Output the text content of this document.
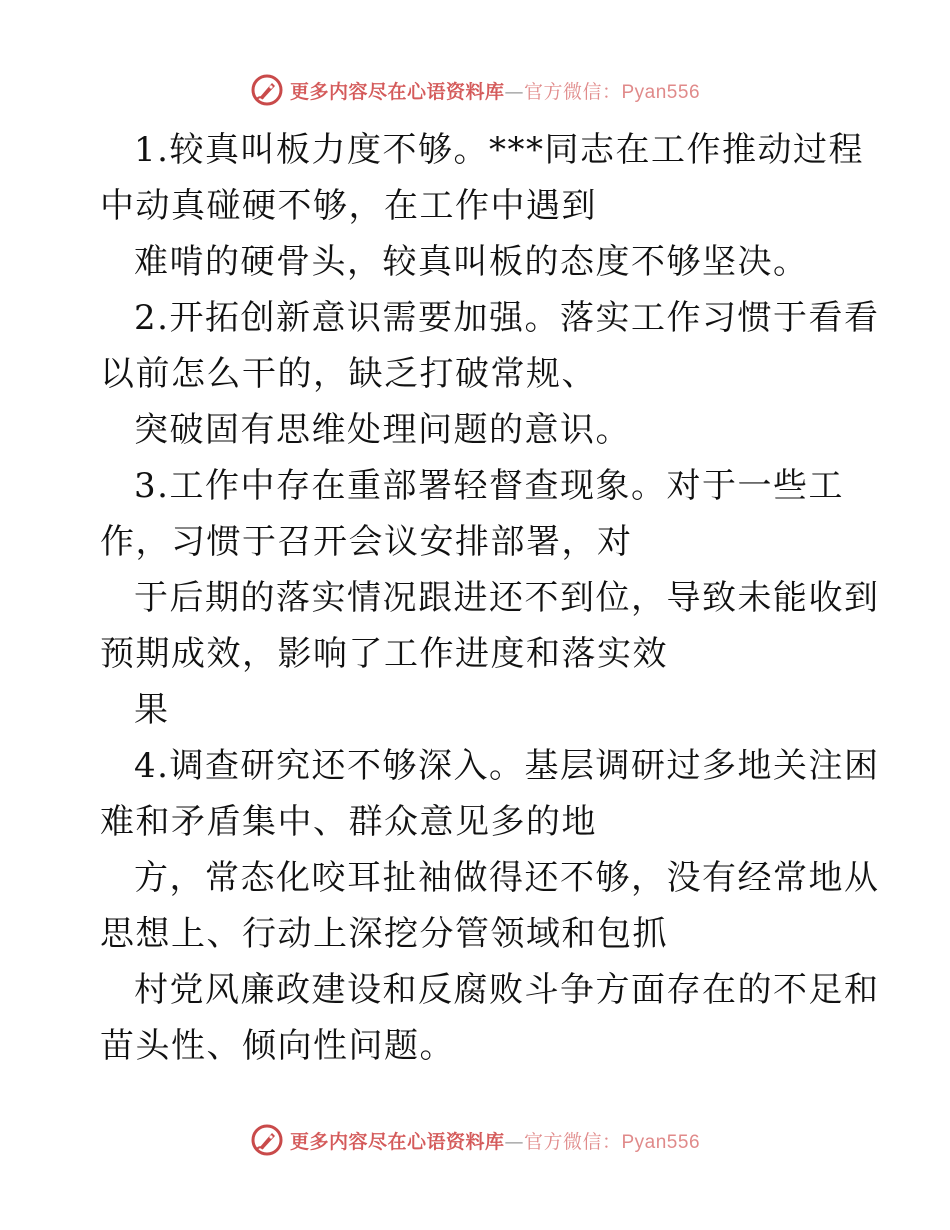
更多内容尽在心语资料库—官方微信：Pyan556
1.较真叫板力度不够。***同志在工作推动过程
中动真碰硬不够，在工作中遇到
难啃的硬骨头，较真叫板的态度不够坚决。
2.开拓创新意识需要加强。落实工作习惯于看看
以前怎么干的，缺乏打破常规、
突破固有思维处理问题的意识。
3.工作中存在重部署轻督查现象。对于一些工
作，习惯于召开会议安排部署，对
于后期的落实情况跟进还不到位，导致未能收到
预期成效，影响了工作进度和落实效
果
4.调查研究还不够深入。基层调研过多地关注困
难和矛盾集中、群众意见多的地
方，常态化咬耳扯袖做得还不够，没有经常地从
思想上、行动上深挖分管领域和包抓
村党风廉政建设和反腐败斗争方面存在的不足和
苗头性、倾向性问题。
更多内容尽在心语资料库—官方微信：Pyan556
